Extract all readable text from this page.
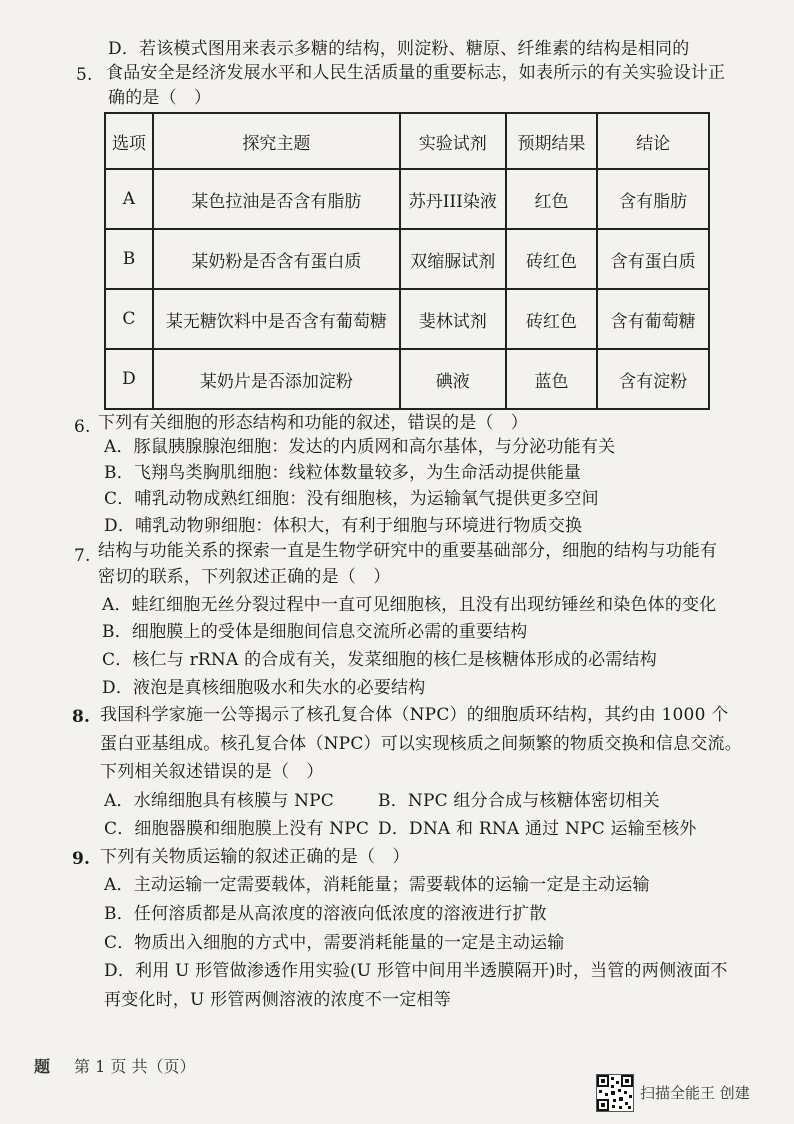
D．若该模式图用来表示多糖的结构，则淀粉、糖原、纤维素的结构是相同的
5. 食品安全是经济发展水平和人民生活质量的重要标志，如表所示的有关实验设计正
确的是（　）
选项	探究主题	实验试剂	预期结果	结论
A	某色拉油是否含有脂肪	苏丹III染液	红色	含有脂肪
B	某奶粉是否含有蛋白质	双缩脲试剂	砖红色	含有蛋白质
C	某无糖饮料中是否含有葡萄糖	斐林试剂	砖红色	含有葡萄糖
D	某奶片是否添加淀粉	碘液	蓝色	含有淀粉
6. 下列有关细胞的形态结构和功能的叙述，错误的是（　）
A．豚鼠胰腺腺泡细胞：发达的内质网和高尔基体，与分泌功能有关
B．飞翔鸟类胸肌细胞：线粒体数量较多，为生命活动提供能量
C．哺乳动物成熟红细胞：没有细胞核，为运输氧气提供更多空间
D．哺乳动物卵细胞：体积大，有利于细胞与环境进行物质交换
7. 结构与功能关系的探索一直是生物学研究中的重要基础部分，细胞的结构与功能有
密切的联系，下列叙述正确的是（　）
A．蛙红细胞无丝分裂过程中一直可见细胞核，且没有出现纺锤丝和染色体的变化
B．细胞膜上的受体是细胞间信息交流所必需的重要结构
C．核仁与 rRNA 的合成有关，发菜细胞的核仁是核糖体形成的必需结构
D．液泡是真核细胞吸水和失水的必要结构
8. 我国科学家施一公等揭示了核孔复合体（NPC）的细胞质环结构，其约由 1000 个
蛋白亚基组成。核孔复合体（NPC）可以实现核质之间频繁的物质交换和信息交流。
下列相关叙述错误的是（　）
A．水绵细胞具有核膜与 NPC	B．NPC 组分合成与核糖体密切相关
C．细胞器膜和细胞膜上没有 NPC D．DNA 和 RNA 通过 NPC 运输至核外
9. 下列有关物质运输的叙述正确的是（　）
A．主动运输一定需要载体，消耗能量；需要载体的运输一定是主动运输
B．任何溶质都是从高浓度的溶液向低浓度的溶液进行扩散
C．物质出入细胞的方式中，需要消耗能量的一定是主动运输
D．利用 U 形管做渗透作用实验(U 形管中间用半透膜隔开)时，当管的两侧液面不
再变化时，U 形管两侧溶液的浓度不一定相等
题 第 1 页 共（页）
扫描全能王 创建
